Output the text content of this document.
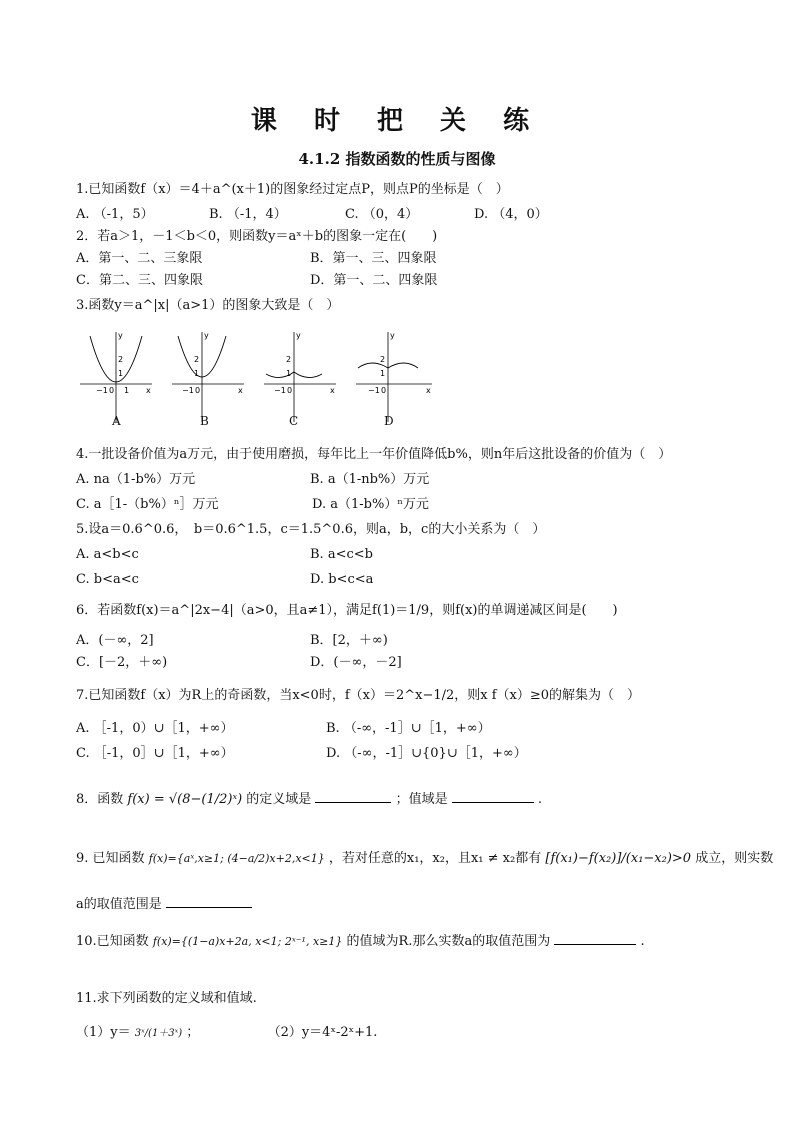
课 时 把 关 练
4.1.2 指数函数的性质与图像
1.已知函数f（x）＝4＋a^(x＋1)的图象经过定点P，则点P的坐标是（　）
A. （-1，5）	B. （-1，4）	C. （0，4）	D. （4，0）
2．若a＞1，－1＜b＜0，则函数y＝aˣ＋b的图象一定在(　　)
A．第一、二、三象限	B．第一、三、四象限
C．第二、三、四象限	D．第一、二、四象限
3.函数y＝a^|x|（a>1）的图象大致是（　）
y
2
1
−1 0 1 x
y
2
1
−1 0	x
y
2
1
−1 0	x
y
2
1
−1 0	x
A	B	C	D
4.一批设备价值为a万元，由于使用磨损，每年比上一年价值降低b%，则n年后这批设备的价值为（　）
A. na（1-b%）万元	B. a（1-nb%）万元
C. a［1-（b%）ⁿ］万元	D. a（1-b%）ⁿ万元
5.设a＝0.6^0.6，　b＝0.6^1.5，c＝1.5^0.6，则a，b，c的大小关系为（　）
A. a<b<c	B. a<c<b
C. b<a<c	D. b<c<a
6．若函数f(x)＝a^|2x−4|（a>0，且a≠1），满足f(1)＝1/9，则f(x)的单调递减区间是(　　)
A．(－∞，2]	B．[2，＋∞)
C．[－2，＋∞)	D．(－∞，－2]
7.已知函数f（x）为R上的奇函数，当x<0时，f（x）＝2^x−1/2，则x f（x）≥0的解集为（　）
A. ［-1，0）∪［1，+∞）	B. （-∞，-1］∪［1，+∞）
C. ［-1，0］∪［1，+∞）	D. （-∞，-1］∪{0}∪［1，+∞）
8．函数 f(x) = √(8−(1/2)ˣ) 的定义域是	；值域是	.
9. 已知函数 f(x)={aˣ,x≥1; (4−a/2)x+2,x<1} ，若对任意的x₁，x₂，且x₁ ≠ x₂都有 [f(x₁)−f(x₂)]/(x₁−x₂)>0 成立，则实数
a的取值范围是
10.已知函数 f(x)={(1−a)x+2a, x<1; 2ˣ⁻¹, x≥1} 的值域为R.那么实数a的取值范围为	.
11.求下列函数的定义域和值域.
（1）y＝ 3ˣ/(1＋3ˣ) ；	（2）y＝4ˣ-2ˣ+1.
